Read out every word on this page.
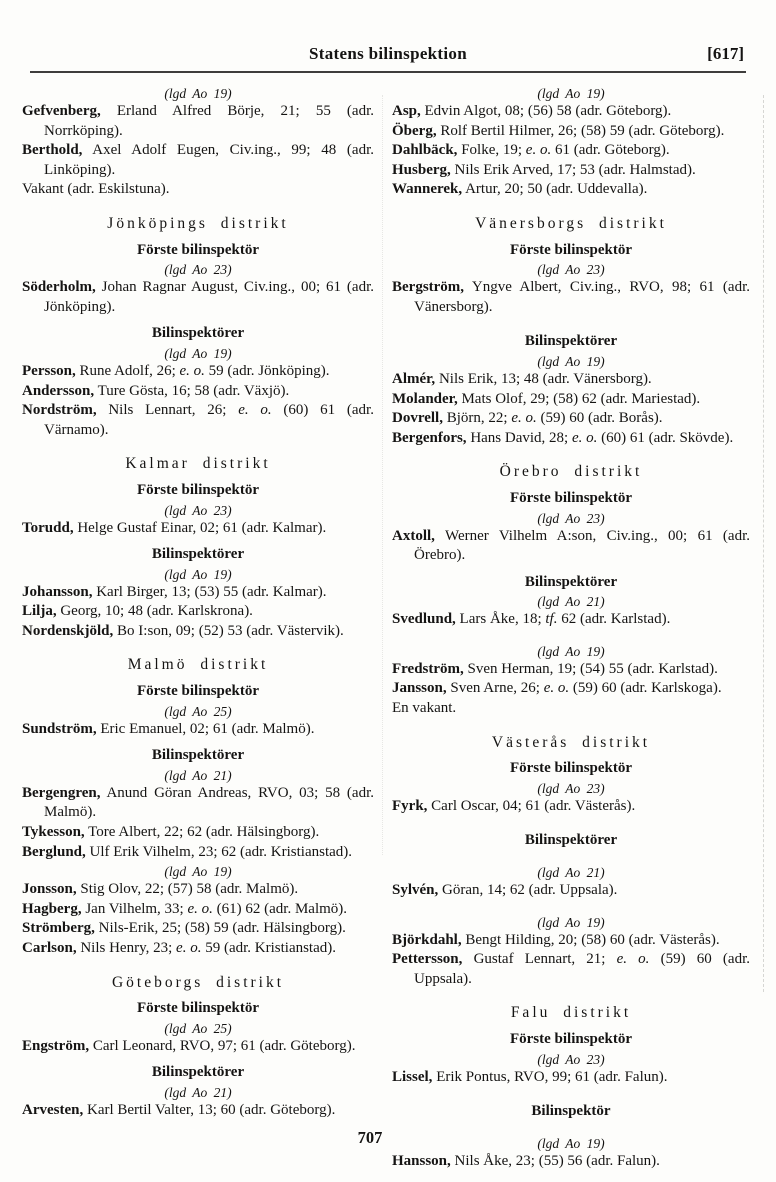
Statens bilinspektion	[617]
(lgd Ao 19)
Gefvenberg, Erland Alfred Börje, 21; 55 (adr. Norrköping).
Berthold, Axel Adolf Eugen, Civ.ing., 99; 48 (adr. Linköping).
Vakant (adr. Eskilstuna).
Jönköpings distrikt
Förste bilinspektör
(lgd Ao 23)
Söderholm, Johan Ragnar August, Civ.ing., 00; 61 (adr. Jönköping).
Bilinspektörer
(lgd Ao 19)
Persson, Rune Adolf, 26; e. o. 59 (adr. Jönköping).
Andersson, Ture Gösta, 16; 58 (adr. Växjö).
Nordström, Nils Lennart, 26; e. o. (60) 61 (adr. Värnamo).
Kalmar distrikt
Förste bilinspektör
(lgd Ao 23)
Torudd, Helge Gustaf Einar, 02; 61 (adr. Kalmar).
Bilinspektörer
(lgd Ao 19)
Johansson, Karl Birger, 13; (53) 55 (adr. Kalmar).
Lilja, Georg, 10; 48 (adr. Karlskrona).
Nordenskjöld, Bo I:son, 09; (52) 53 (adr. Västervik).
Malmö distrikt
Förste bilinspektör
(lgd Ao 25)
Sundström, Eric Emanuel, 02; 61 (adr. Malmö).
Bilinspektörer
(lgd Ao 21)
Bergengren, Anund Göran Andreas, RVO, 03; 58 (adr. Malmö).
Tykesson, Tore Albert, 22; 62 (adr. Hälsingborg).
Berglund, Ulf Erik Vilhelm, 23; 62 (adr. Kristianstad).
(lgd Ao 19)
Jonsson, Stig Olov, 22; (57) 58 (adr. Malmö).
Hagberg, Jan Vilhelm, 33; e. o. (61) 62 (adr. Malmö).
Strömberg, Nils-Erik, 25; (58) 59 (adr. Hälsingborg).
Carlson, Nils Henry, 23; e. o. 59 (adr. Kristianstad).
Göteborgs distrikt
Förste bilinspektör
(lgd Ao 25)
Engström, Carl Leonard, RVO, 97; 61 (adr. Göteborg).
Bilinspektörer
(lgd Ao 21)
Arvesten, Karl Bertil Valter, 13; 60 (adr. Göteborg).
(lgd Ao 19)
Asp, Edvin Algot, 08; (56) 58 (adr. Göteborg).
Öberg, Rolf Bertil Hilmer, 26; (58) 59 (adr. Göteborg).
Dahlbäck, Folke, 19; e. o. 61 (adr. Göteborg).
Husberg, Nils Erik Arved, 17; 53 (adr. Halmstad).
Wannerek, Artur, 20; 50 (adr. Uddevalla).
Vänersborgs distrikt
Förste bilinspektör
(lgd Ao 23)
Bergström, Yngve Albert, Civ.ing., RVO, 98; 61 (adr. Vänersborg).
Bilinspektörer
(lgd Ao 19)
Almér, Nils Erik, 13; 48 (adr. Vänersborg).
Molander, Mats Olof, 29; (58) 62 (adr. Mariestad).
Dovrell, Björn, 22; e. o. (59) 60 (adr. Borås).
Bergenfors, Hans David, 28; e. o. (60) 61 (adr. Skövde).
Örebro distrikt
Förste bilinspektör
(lgd Ao 23)
Axtoll, Werner Vilhelm A:son, Civ.ing., 00; 61 (adr. Örebro).
Bilinspektörer
(lgd Ao 21)
Svedlund, Lars Åke, 18; tf. 62 (adr. Karlstad).
(lgd Ao 19)
Fredström, Sven Herman, 19; (54) 55 (adr. Karlstad).
Jansson, Sven Arne, 26; e. o. (59) 60 (adr. Karlskoga).
En vakant.
Västerås distrikt
Förste bilinspektör
(lgd Ao 23)
Fyrk, Carl Oscar, 04; 61 (adr. Västerås).
Bilinspektörer
(lgd Ao 21)
Sylvén, Göran, 14; 62 (adr. Uppsala).
(lgd Ao 19)
Björkdahl, Bengt Hilding, 20; (58) 60 (adr. Västerås).
Pettersson, Gustaf Lennart, 21; e. o. (59) 60 (adr. Uppsala).
Falu distrikt
Förste bilinspektör
(lgd Ao 23)
Lissel, Erik Pontus, RVO, 99; 61 (adr. Falun).
Bilinspektör
(lgd Ao 19)
Hansson, Nils Åke, 23; (55) 56 (adr. Falun).
707
